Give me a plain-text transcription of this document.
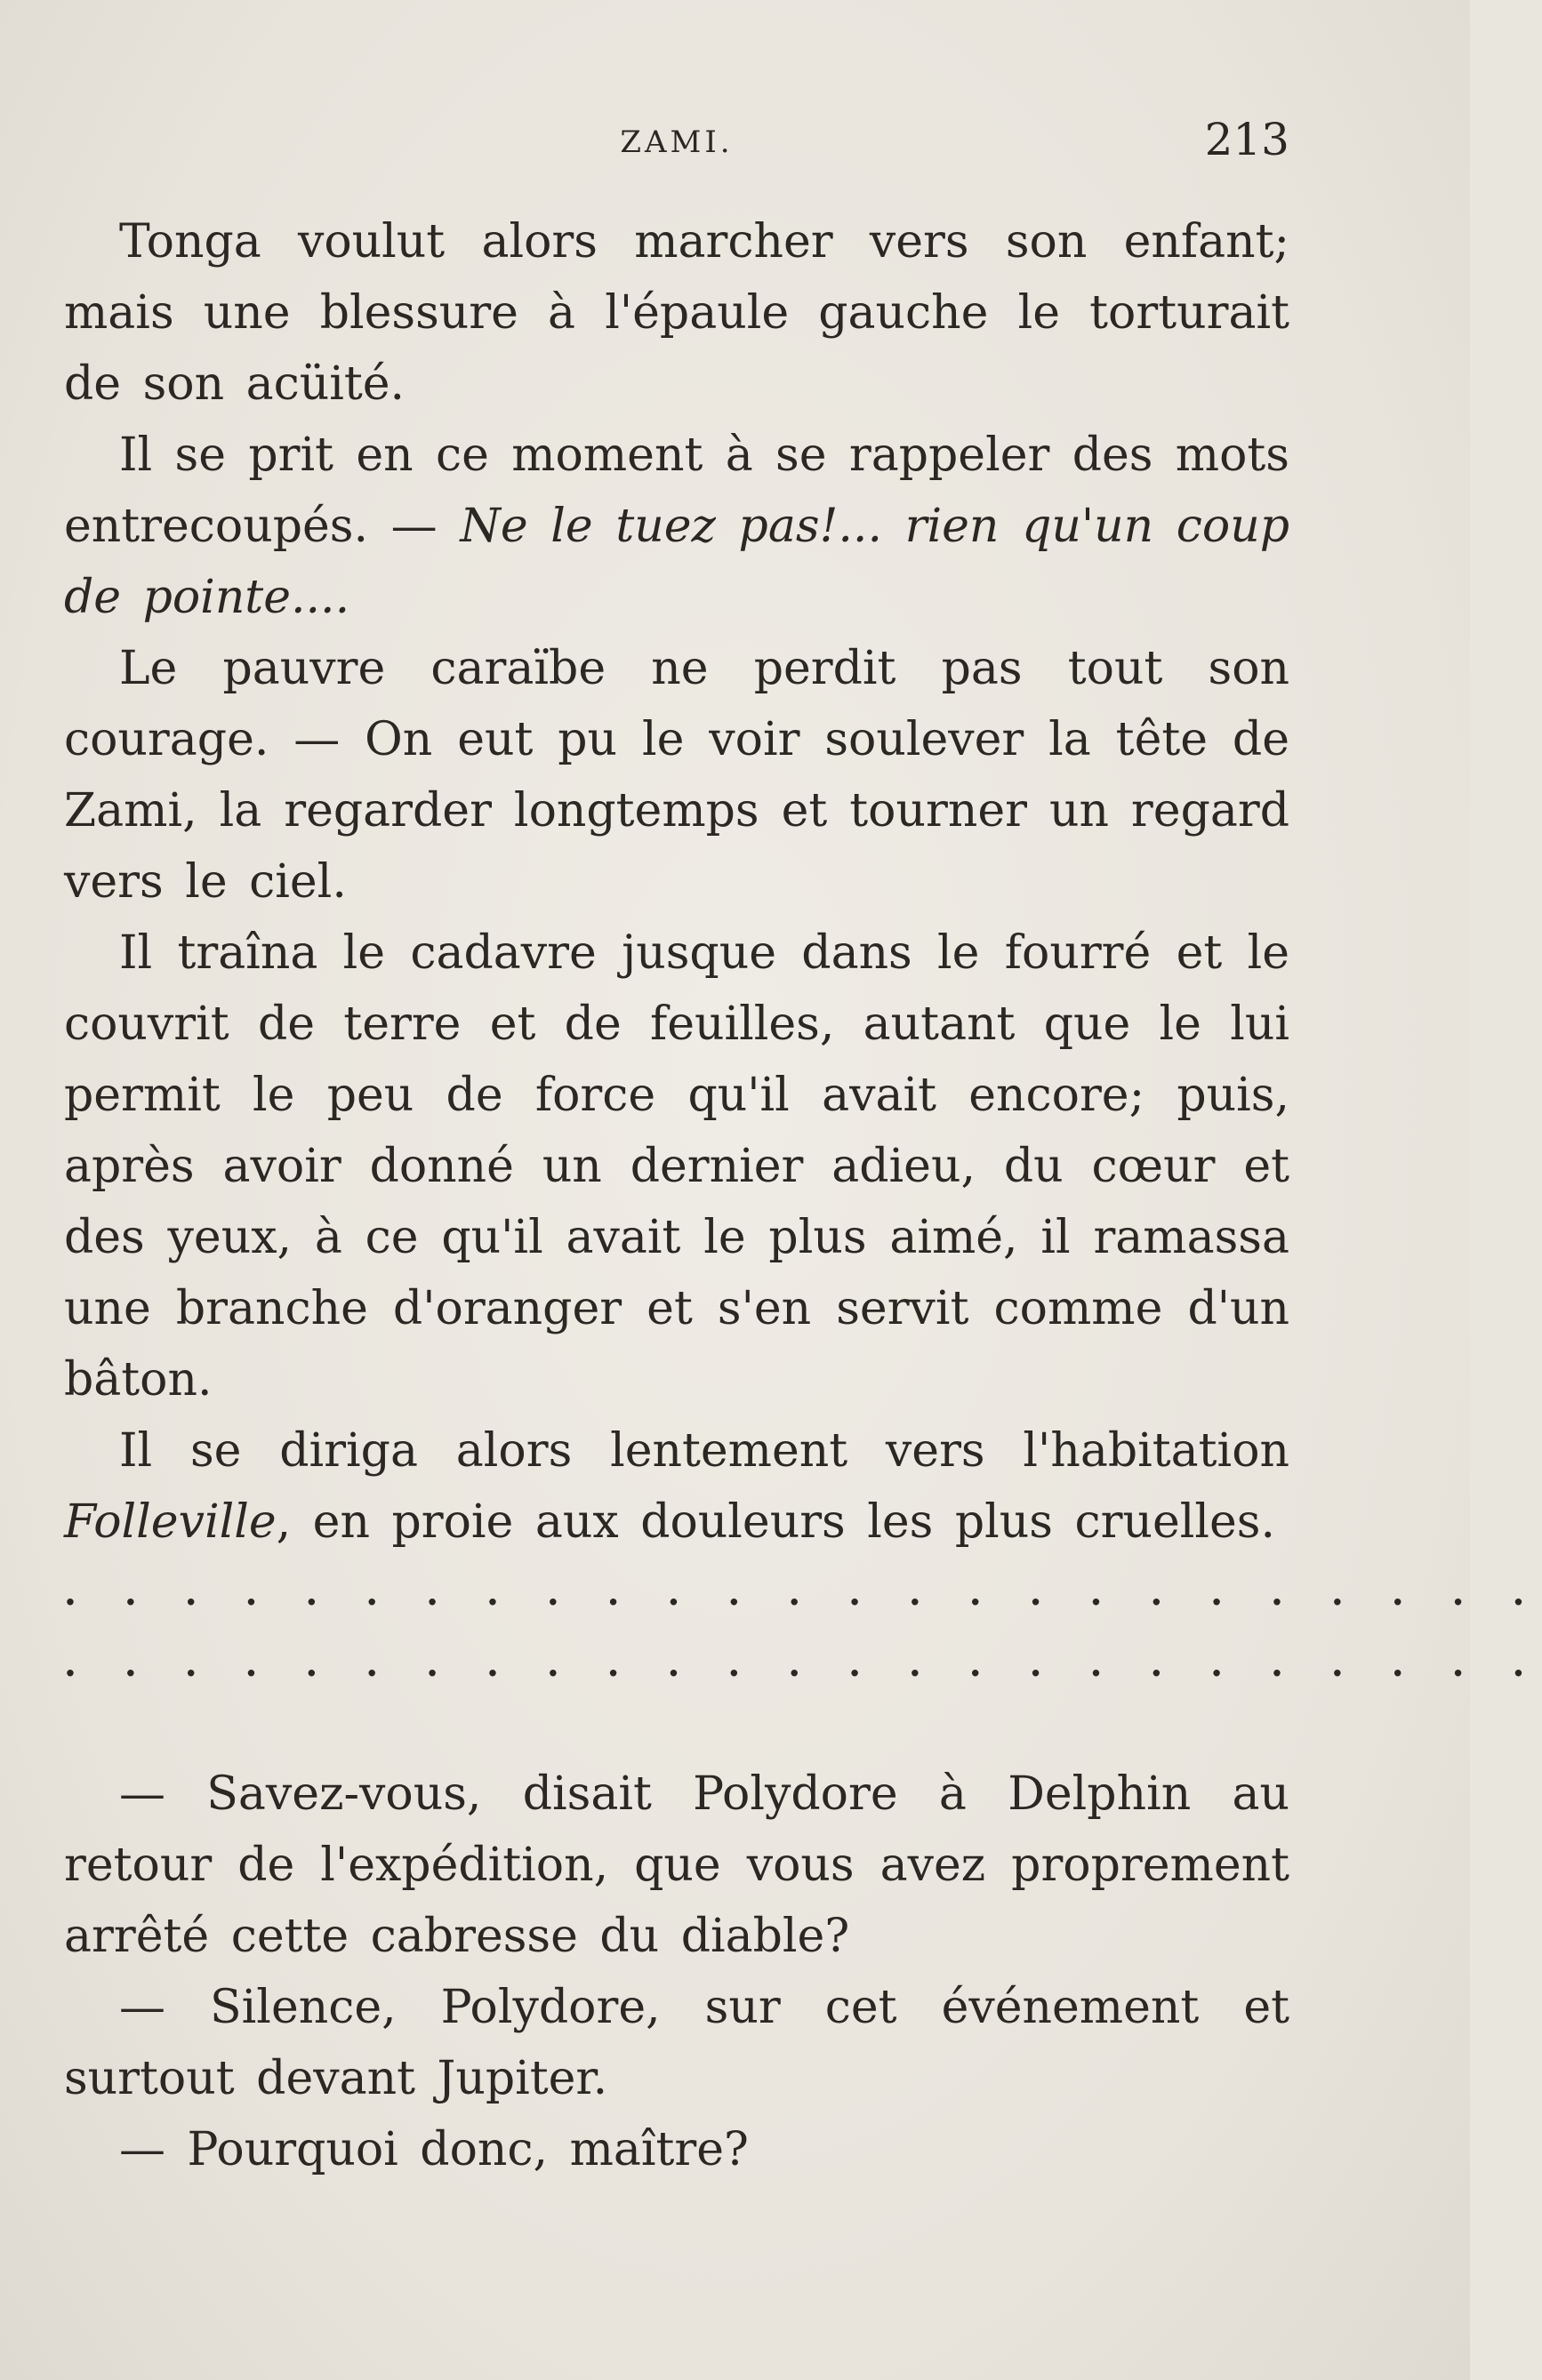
ZAMI.	213

Tonga voulut alors marcher vers son enfant; mais une blessure à l'épaule gauche le torturait de son acüité.

Il se prit en ce moment à se rappeler des mots entrecoupés. — Ne le tuez pas!... rien qu'un coup de pointe....

Le pauvre caraïbe ne perdit pas tout son courage. — On eut pu le voir soulever la tête de Zami, la regarder longtemps et tourner un regard vers le ciel.

Il traîna le cadavre jusque dans le fourré et le couvrit de terre et de feuilles, autant que le lui permit le peu de force qu'il avait encore; puis, après avoir donné un dernier adieu, du cœur et des yeux, à ce qu'il avait le plus aimé, il ramassa une branche d'oranger et s'en servit comme d'un bâton.

Il se diriga alors lentement vers l'habitation Folleville, en proie aux douleurs les plus cruelles.

. . . . . . . . . . . . . . . . . . . . . . . . .

. . . . . . . . . . . . . . . . . . . . . . . . .

— Savez-vous, disait Polydore à Delphin au retour de l'expédition, que vous avez proprement arrêté cette cabresse du diable?

— Silence, Polydore, sur cet événement et surtout devant Jupiter.

— Pourquoi donc, maître?
